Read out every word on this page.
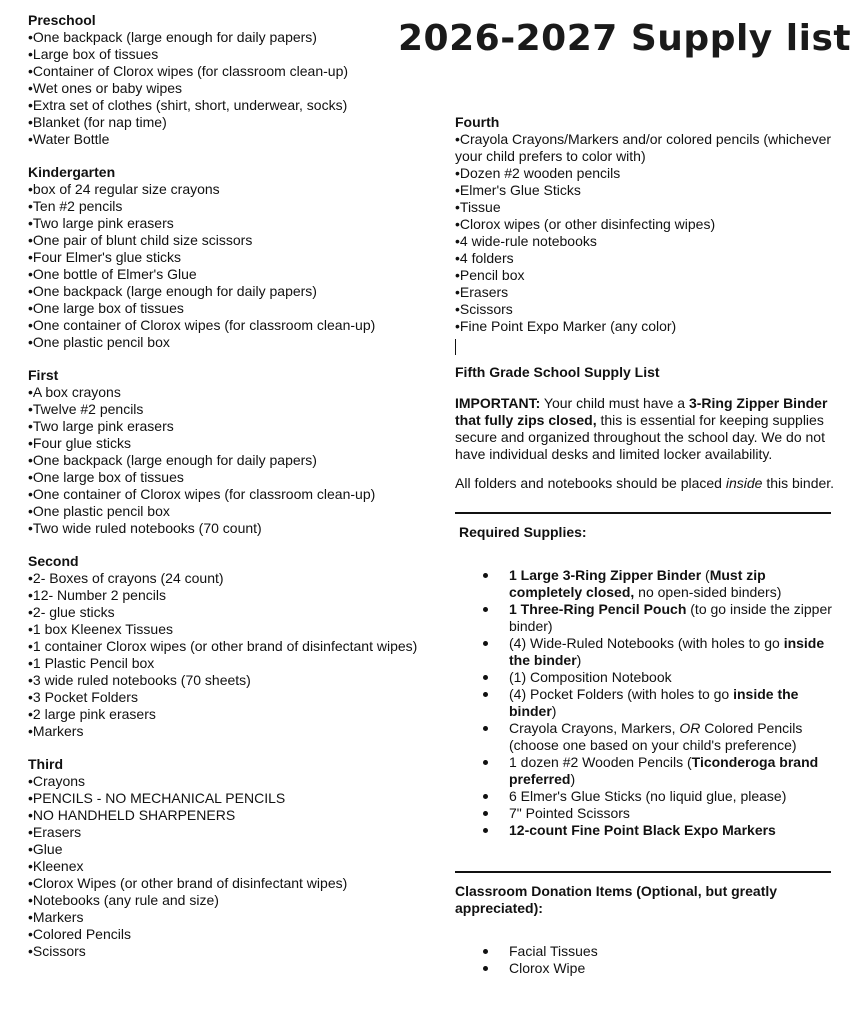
2026-2027 Supply list
Preschool
• One backpack (large enough for daily papers)
• Large box of tissues
• Container of Clorox wipes (for classroom clean-up)
• Wet ones or baby wipes
• Extra set of clothes (shirt, short, underwear, socks)
• Blanket (for nap time)
• Water Bottle
Kindergarten
• box of 24 regular size crayons
• Ten #2 pencils
• Two large pink erasers
• One pair of blunt child size scissors
• Four Elmer's glue sticks
• One bottle of Elmer's Glue
• One backpack (large enough for daily papers)
• One large box of tissues
• One container of Clorox wipes (for classroom clean-up)
• One plastic pencil box
First
• A box crayons
• Twelve #2 pencils
• Two large pink erasers
• Four glue sticks
• One backpack (large enough for daily papers)
• One large box of tissues
• One container of Clorox wipes (for classroom clean-up)
• One plastic pencil box
• Two wide ruled notebooks (70 count)
Second
• 2- Boxes of crayons (24 count)
• 12- Number 2 pencils
• 2- glue sticks
• 1 box Kleenex Tissues
• 1 container Clorox wipes (or other brand of disinfectant wipes)
• 1 Plastic Pencil box
• 3 wide ruled notebooks (70 sheets)
• 3 Pocket Folders
• 2 large pink erasers
• Markers
Third
• Crayons
• PENCILS - NO MECHANICAL PENCILS
• NO HANDHELD SHARPENERS
• Erasers
• Glue
• Kleenex
• Clorox Wipes (or other brand of disinfectant wipes)
• Notebooks (any rule and size)
• Markers
• Colored Pencils
• Scissors
Fourth
• Crayola Crayons/Markers and/or colored pencils (whichever your child prefers to color with)
• Dozen #2 wooden pencils
• Elmer's Glue Sticks
• Tissue
• Clorox wipes (or other disinfecting wipes)
• 4 wide-rule notebooks
• 4 folders
• Pencil box
• Erasers
• Scissors
• Fine Point Expo Marker (any color)
Fifth Grade School Supply List

IMPORTANT: Your child must have a 3-Ring Zipper Binder that fully zips closed, this is essential for keeping supplies secure and organized throughout the school day. We do not have individual desks and limited locker availability.

All folders and notebooks should be placed inside this binder.

Required Supplies:
1 Large 3-Ring Zipper Binder (Must zip completely closed, no open-sided binders)
1 Three-Ring Pencil Pouch (to go inside the zipper binder)
(4) Wide-Ruled Notebooks (with holes to go inside the binder)
(1) Composition Notebook
(4) Pocket Folders (with holes to go inside the binder)
Crayola Crayons, Markers, OR Colored Pencils (choose one based on your child's preference)
1 dozen #2 Wooden Pencils (Ticonderoga brand preferred)
6 Elmer's Glue Sticks (no liquid glue, please)
7" Pointed Scissors
12-count Fine Point Black Expo Markers
Classroom Donation Items (Optional, but greatly appreciated):
Facial Tissues
Clorox Wipe
